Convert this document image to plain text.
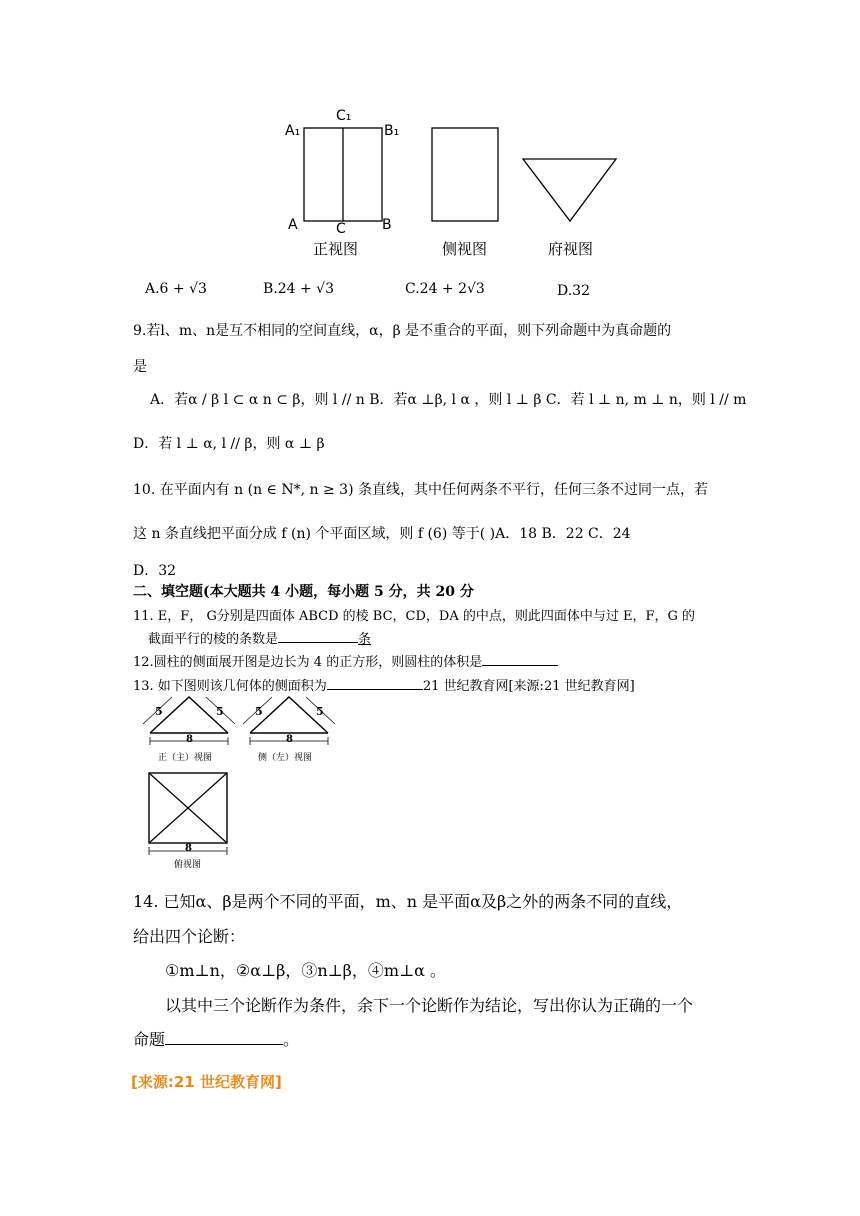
A₁
C₁
B₁
A	C	B
正视图	侧视图	府视图
A.6 + √3	B.24 + √3	C.24 + 2√3	D.32
9.若l、m、n是互不相同的空间直线，α，β 是不重合的平面，则下列命题中为真命题的
是
A．若α / β l ⊂ α n ⊂ β，则 l // n B．若α ⊥β, l α ，则 l ⊥ β C．若 l ⊥ n, m ⊥ n，则 l // m
D．若 l ⊥ α, l // β，则 α ⊥ β
10. 在平面内有 n (n ∈ N*, n ≥ 3) 条直线，其中任何两条不平行，任何三条不过同一点，若
这 n 条直线把平面分成 f (n) 个平面区域，则 f (6) 等于( )A．18 B．22 C．24
D．32
二、填空题(本大题共 4 小题，每小题 5 分，共 20 分
11. E，F， G分别是四面体 ABCD 的棱 BC，CD，DA 的中点，则此四面体中与过 E，F，G 的
截面平行的棱的条数是	条
12.圆柱的侧面展开图是边长为 4 的正方形，则圆柱的体积是
13. 如下图则该几何体的侧面积为	21 世纪教育网[来源:21 世纪教育网]
5	5
8
正（主）视图
5	5
8
侧（左）视图
8
俯视图
14. 已知α、β是两个不同的平面，m、n 是平面α及β之外的两条不同的直线，
给出四个论断：
①m⊥n，②α⊥β，③n⊥β，④m⊥α 。
以其中三个论断作为条件，余下一个论断作为结论，写出你认为正确的一个
命题	。
[来源:21 世纪教育网]
